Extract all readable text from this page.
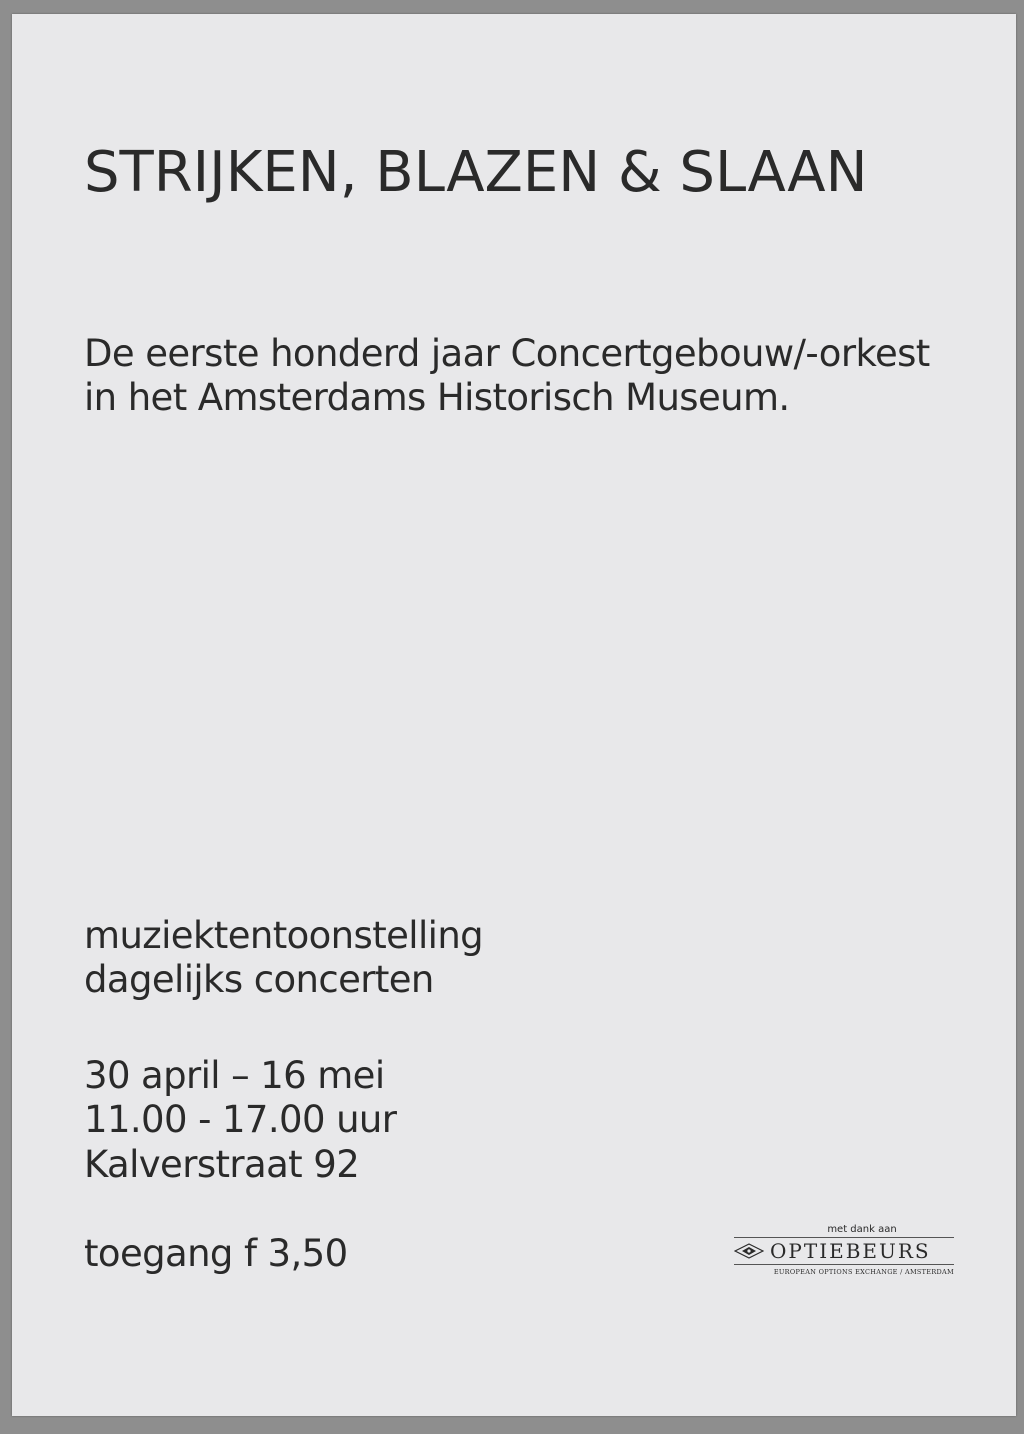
STRIJKEN, BLAZEN & SLAAN

De eerste honderd jaar Concertgebouw/-orkest
in het Amsterdams Historisch Museum.

muziektentoonstelling
dagelijks concerten

30 april – 16 mei
11.00 - 17.00 uur
Kalverstraat 92

toegang f 3,50

met dank aan
OPTIEBEURS
EUROPEAN OPTIONS EXCHANGE / AMSTERDAM
